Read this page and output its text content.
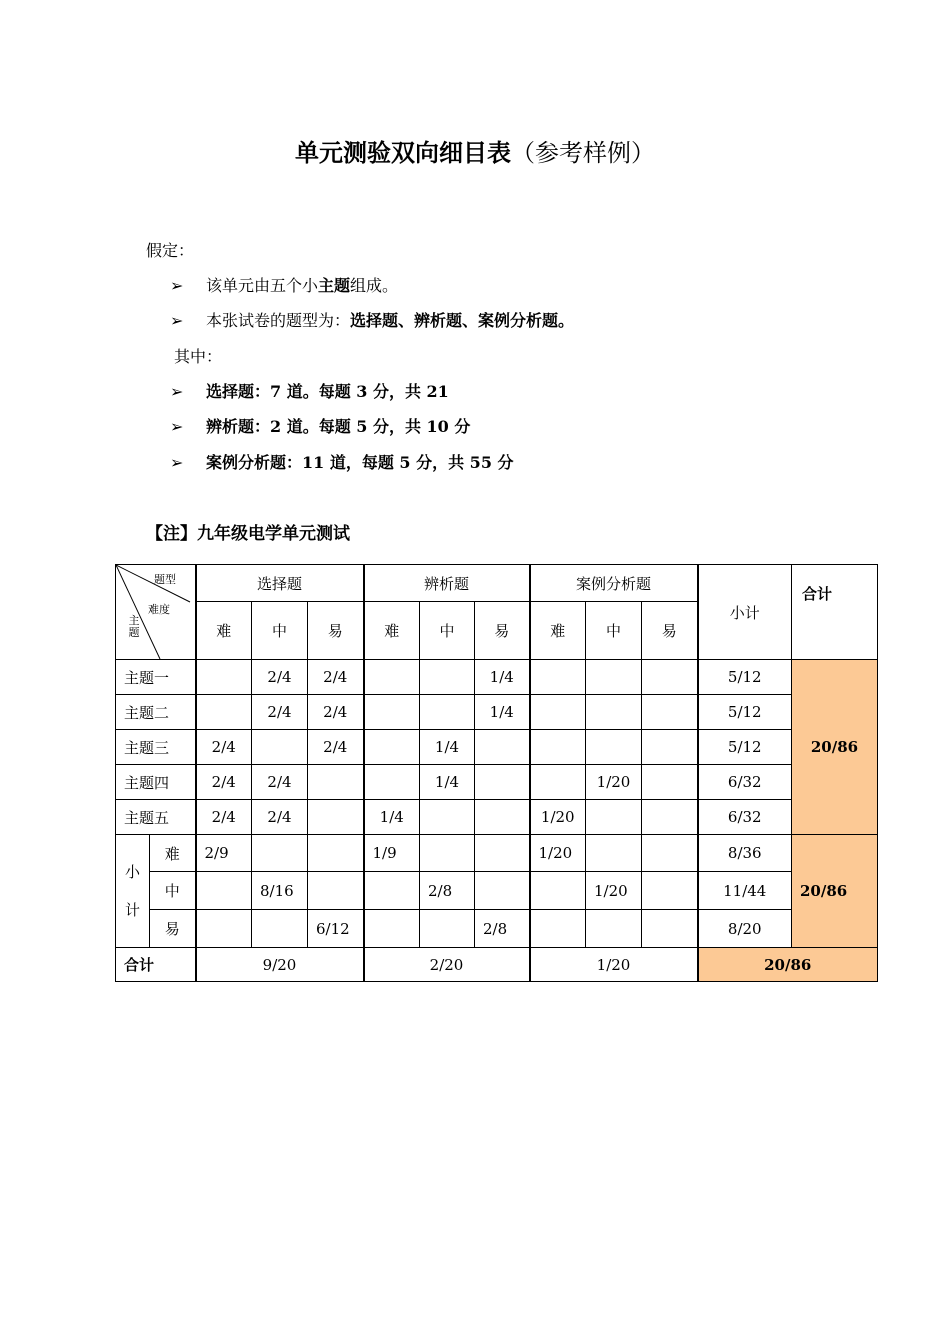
单元测验双向细目表（参考样例）
假定：
➢ 该单元由五个小主题组成。
➢ 本张试卷的题型为：选择题、辨析题、案例分析题。
其中：
➢ 选择题：7 道。每题 3 分，共 21
➢ 辨析题：2 道。每题 5 分，共 10 分
➢ 案例分析题：11 道，每题 5 分，共 55 分
【注】九年级电学单元测试
题型
难度
主题		选择题			辨析题			案例分析题			小计	合计
		难	中	易	难	中	易	难	中	易		
主题一			2/4	2/4			1/4				5/12	20/86
主题二			2/4	2/4			1/4				5/12	
主题三		2/4		2/4		1/4					5/12	
主题四		2/4	2/4			1/4			1/20		6/32	
主题五		2/4	2/4		1/4			1/20			6/32	
小
计	难	2/9			1/9			1/20			8/36	20/86
	中		8/16			2/8			1/20		11/44	
	易			6/12			2/8				8/20	
合计		9/20			2/20			1/20			20/86	
